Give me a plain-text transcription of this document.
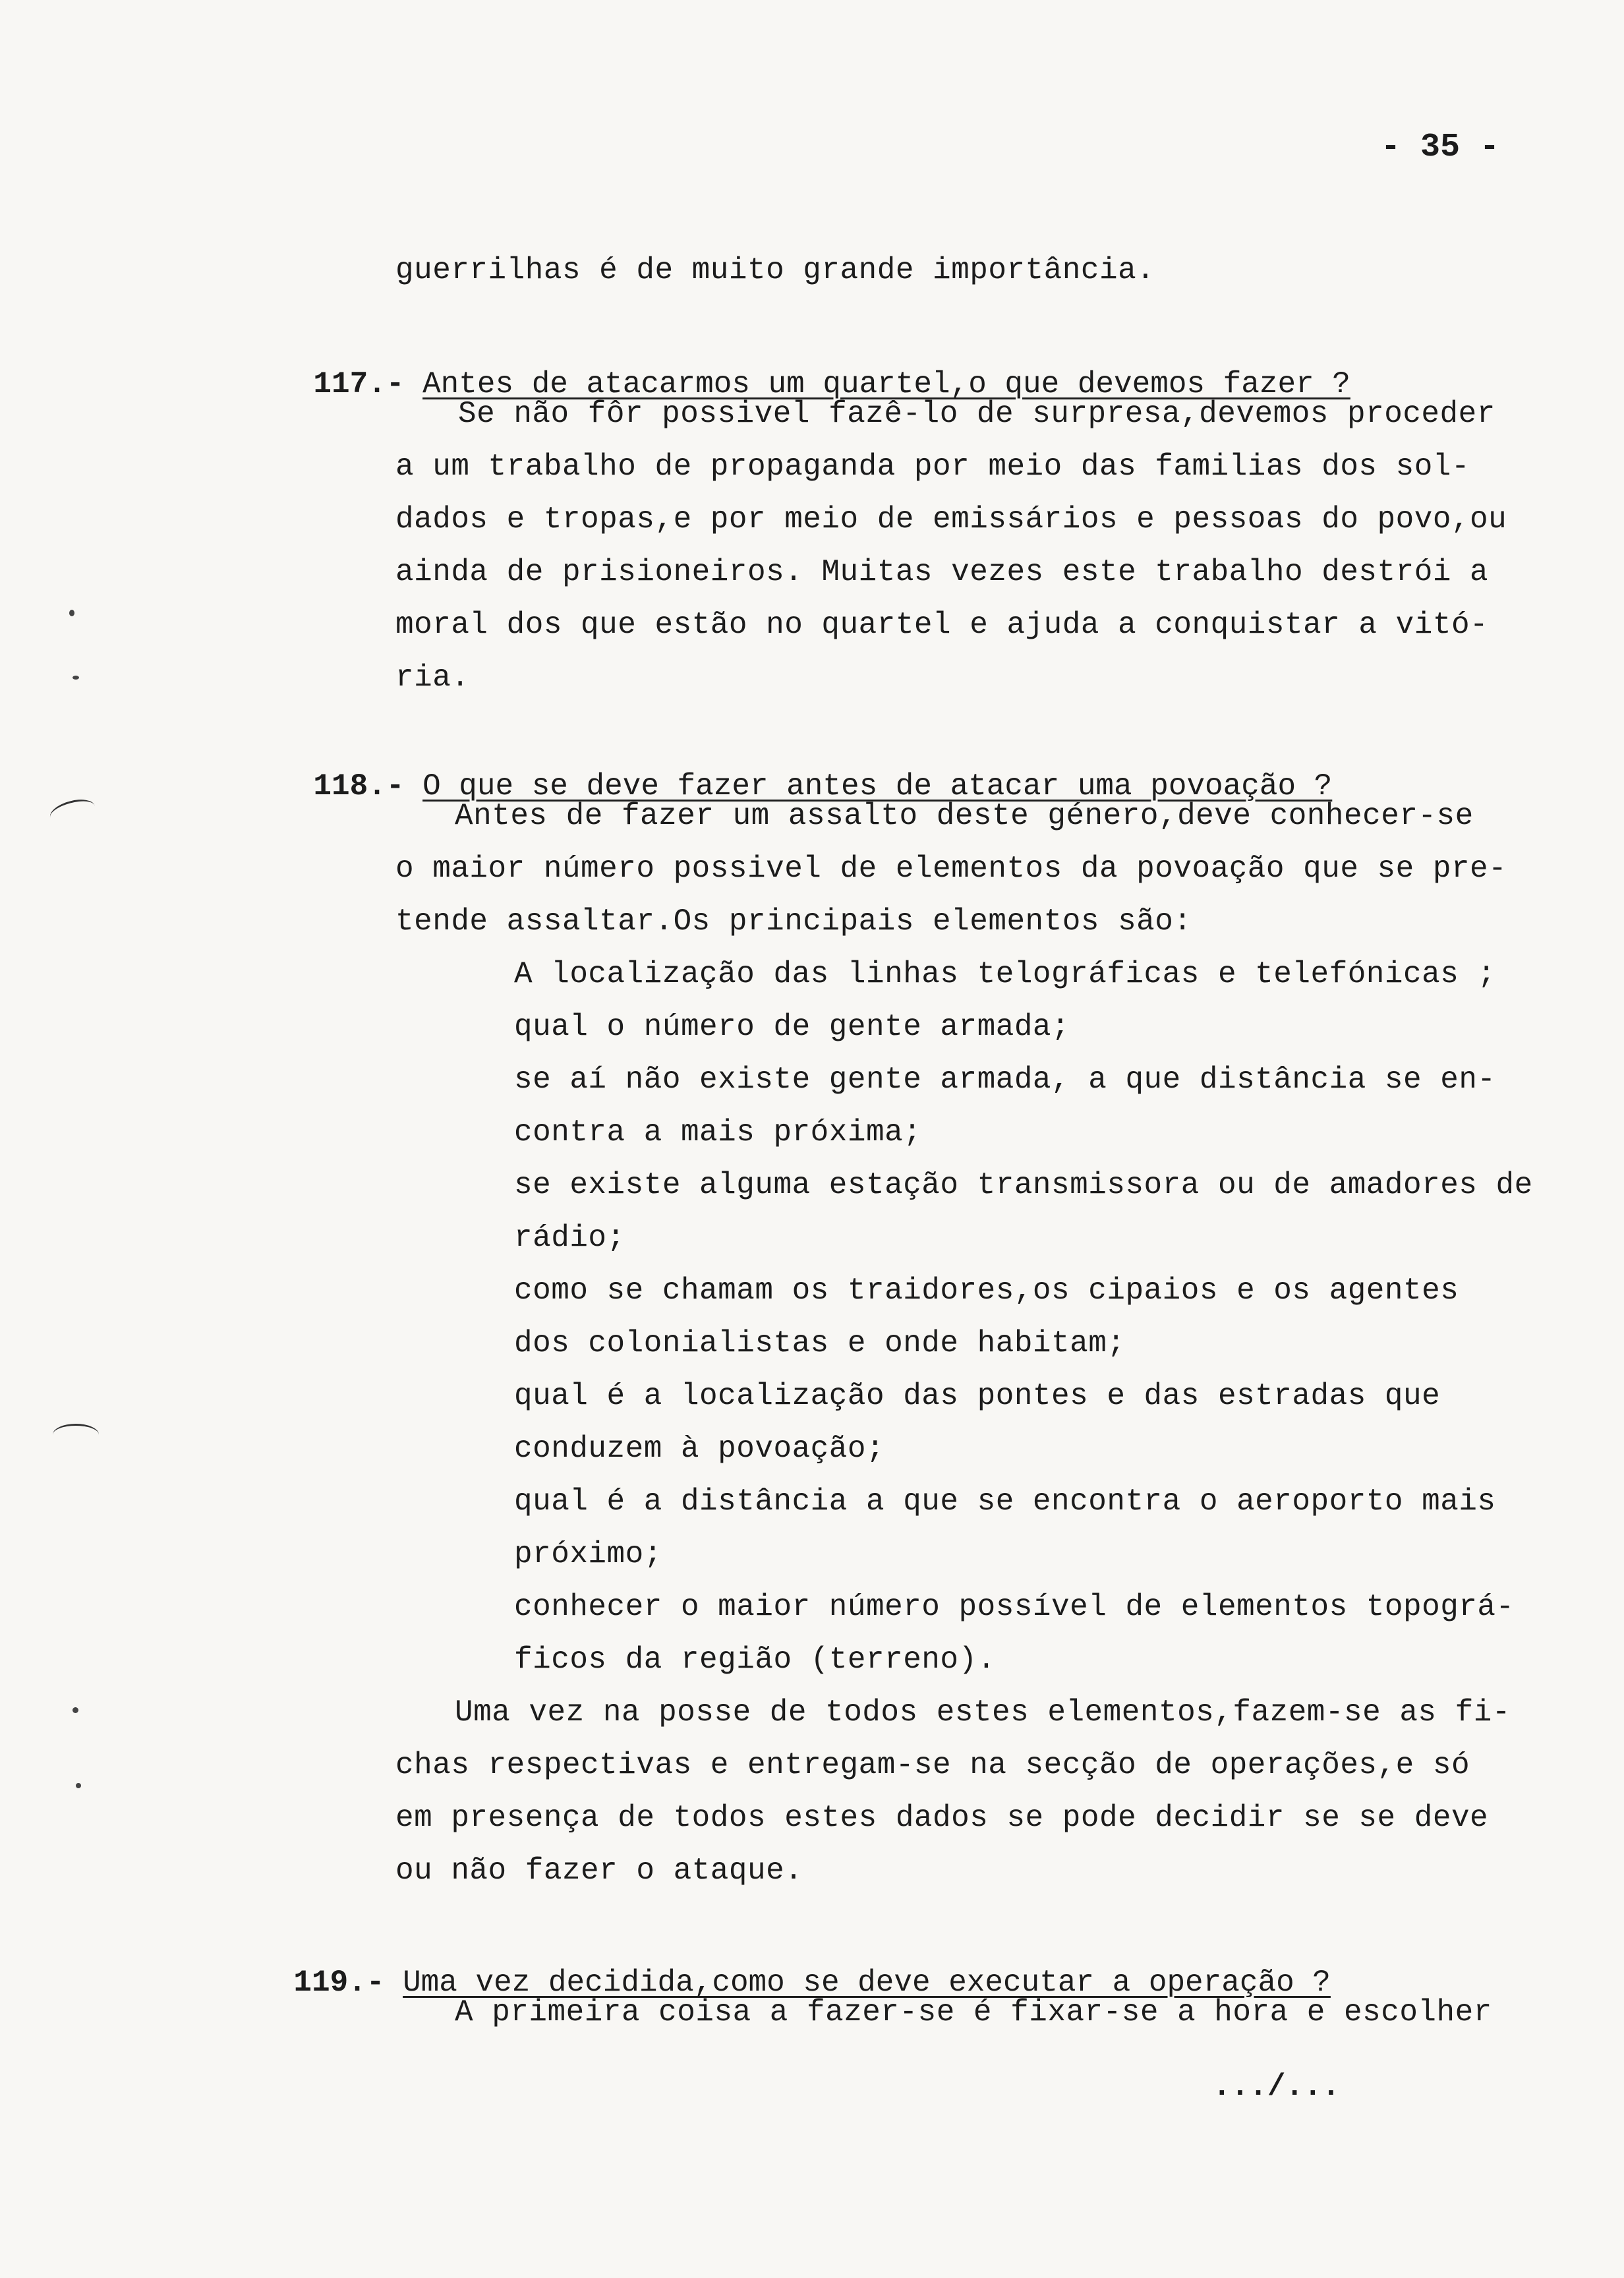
- 35 -
guerrilhas é de muito grande importância.

117.- Antes de atacarmos um quartel,o que devemos fazer ?

Se não fôr possivel fazê-lo de surpresa,devemos proceder
a um trabalho de propaganda por meio das familias dos sol-
dados e tropas,e por meio de emissários e pessoas do povo,ou
ainda de prisioneiros. Muitas vezes este trabalho destrói a
moral dos que estão no quartel e ajuda a conquistar a vitó-
ria.

118.- O que se deve fazer antes de atacar uma povoação ?

Antes de fazer um assalto deste género,deve conhecer-se
o maior número possivel de elementos da povoação que se pre-
tende assaltar.Os principais elementos são:
A localização das linhas telográficas e telefónicas ;
qual o número de gente armada;
se aí não existe gente armada, a que distância se en-
contra a mais próxima;
se existe alguma estação transmissora ou de amadores de
rádio;
como se chamam os traidores,os cipaios e os agentes
dos colonialistas e onde habitam;
qual é a localização das pontes e das estradas que
conduzem à povoação;
qual é a distância a que se encontra o aeroporto mais
próximo;
conhecer o maior número possível de elementos topográ-
ficos da região (terreno).
Uma vez na posse de todos estes elementos,fazem-se as fi-
chas respectivas e entregam-se na secção de operações,e só
em presença de todos estes dados se pode decidir se se deve
ou não fazer o ataque.

119.- Uma vez decidida,como se deve executar a operação ?

A primeira coisa a fazer-se é fixar-se a hora e escolher
.../...
